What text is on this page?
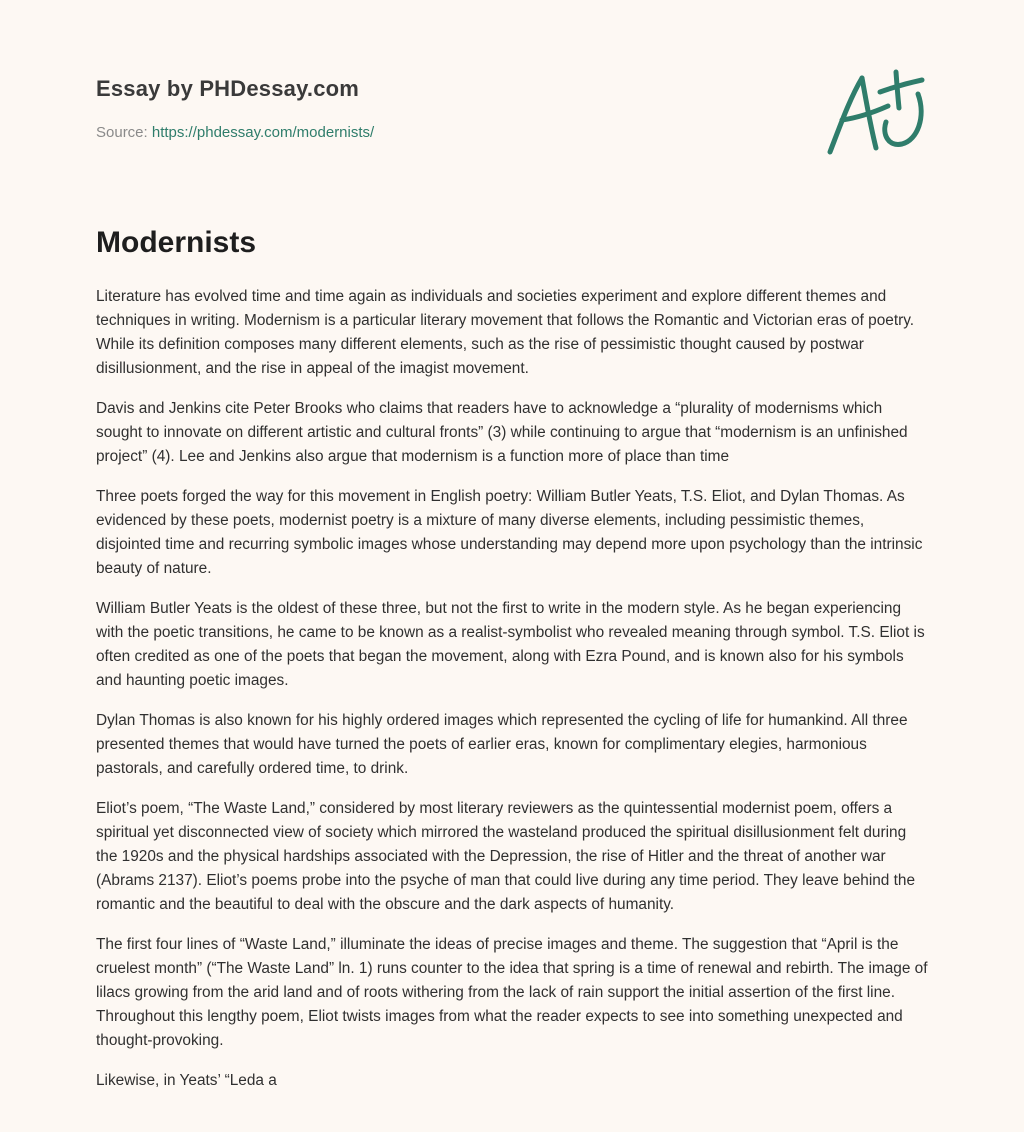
Essay by PHDessay.com
Source: https://phdessay.com/modernists/
Modernists

Literature has evolved time and time again as individuals and societies experiment and explore different themes and techniques in writing. Modernism is a particular literary movement that follows the Romantic and Victorian eras of poetry. While its definition composes many different elements, such as the rise of pessimistic thought caused by postwar disillusionment, and the rise in appeal of the imagist movement.

Davis and Jenkins cite Peter Brooks who claims that readers have to acknowledge a “plurality of modernisms which sought to innovate on different artistic and cultural fronts” (3) while continuing to argue that “modernism is an unfinished project” (4). Lee and Jenkins also argue that modernism is a function more of place than time

Three poets forged the way for this movement in English poetry: William Butler Yeats, T.S. Eliot, and Dylan Thomas. As evidenced by these poets, modernist poetry is a mixture of many diverse elements, including pessimistic themes, disjointed time and recurring symbolic images whose understanding may depend more upon psychology than the intrinsic beauty of nature.

William Butler Yeats is the oldest of these three, but not the first to write in the modern style. As he began experiencing with the poetic transitions, he came to be known as a realist-symbolist who revealed meaning through symbol. T.S. Eliot is often credited as one of the poets that began the movement, along with Ezra Pound, and is known also for his symbols and haunting poetic images.

Dylan Thomas is also known for his highly ordered images which represented the cycling of life for humankind. All three presented themes that would have turned the poets of earlier eras, known for complimentary elegies, harmonious pastorals, and carefully ordered time, to drink.

Eliot’s poem, “The Waste Land,” considered by most literary reviewers as the quintessential modernist poem, offers a spiritual yet disconnected view of society which mirrored the wasteland produced the spiritual disillusionment felt during the 1920s and the physical hardships associated with the Depression, the rise of Hitler and the threat of another war (Abrams 2137). Eliot’s poems probe into the psyche of man that could live during any time period. They leave behind the romantic and the beautiful to deal with the obscure and the dark aspects of humanity.

The first four lines of “Waste Land,” illuminate the ideas of precise images and theme. The suggestion that “April is the cruelest month” (“The Waste Land” ln. 1) runs counter to the idea that spring is a time of renewal and rebirth. The image of lilacs growing from the arid land and of roots withering from the lack of rain support the initial assertion of the first line. Throughout this lengthy poem, Eliot twists images from what the reader expects to see into something unexpected and thought-provoking.

Likewise, in Yeats’ “Leda a
